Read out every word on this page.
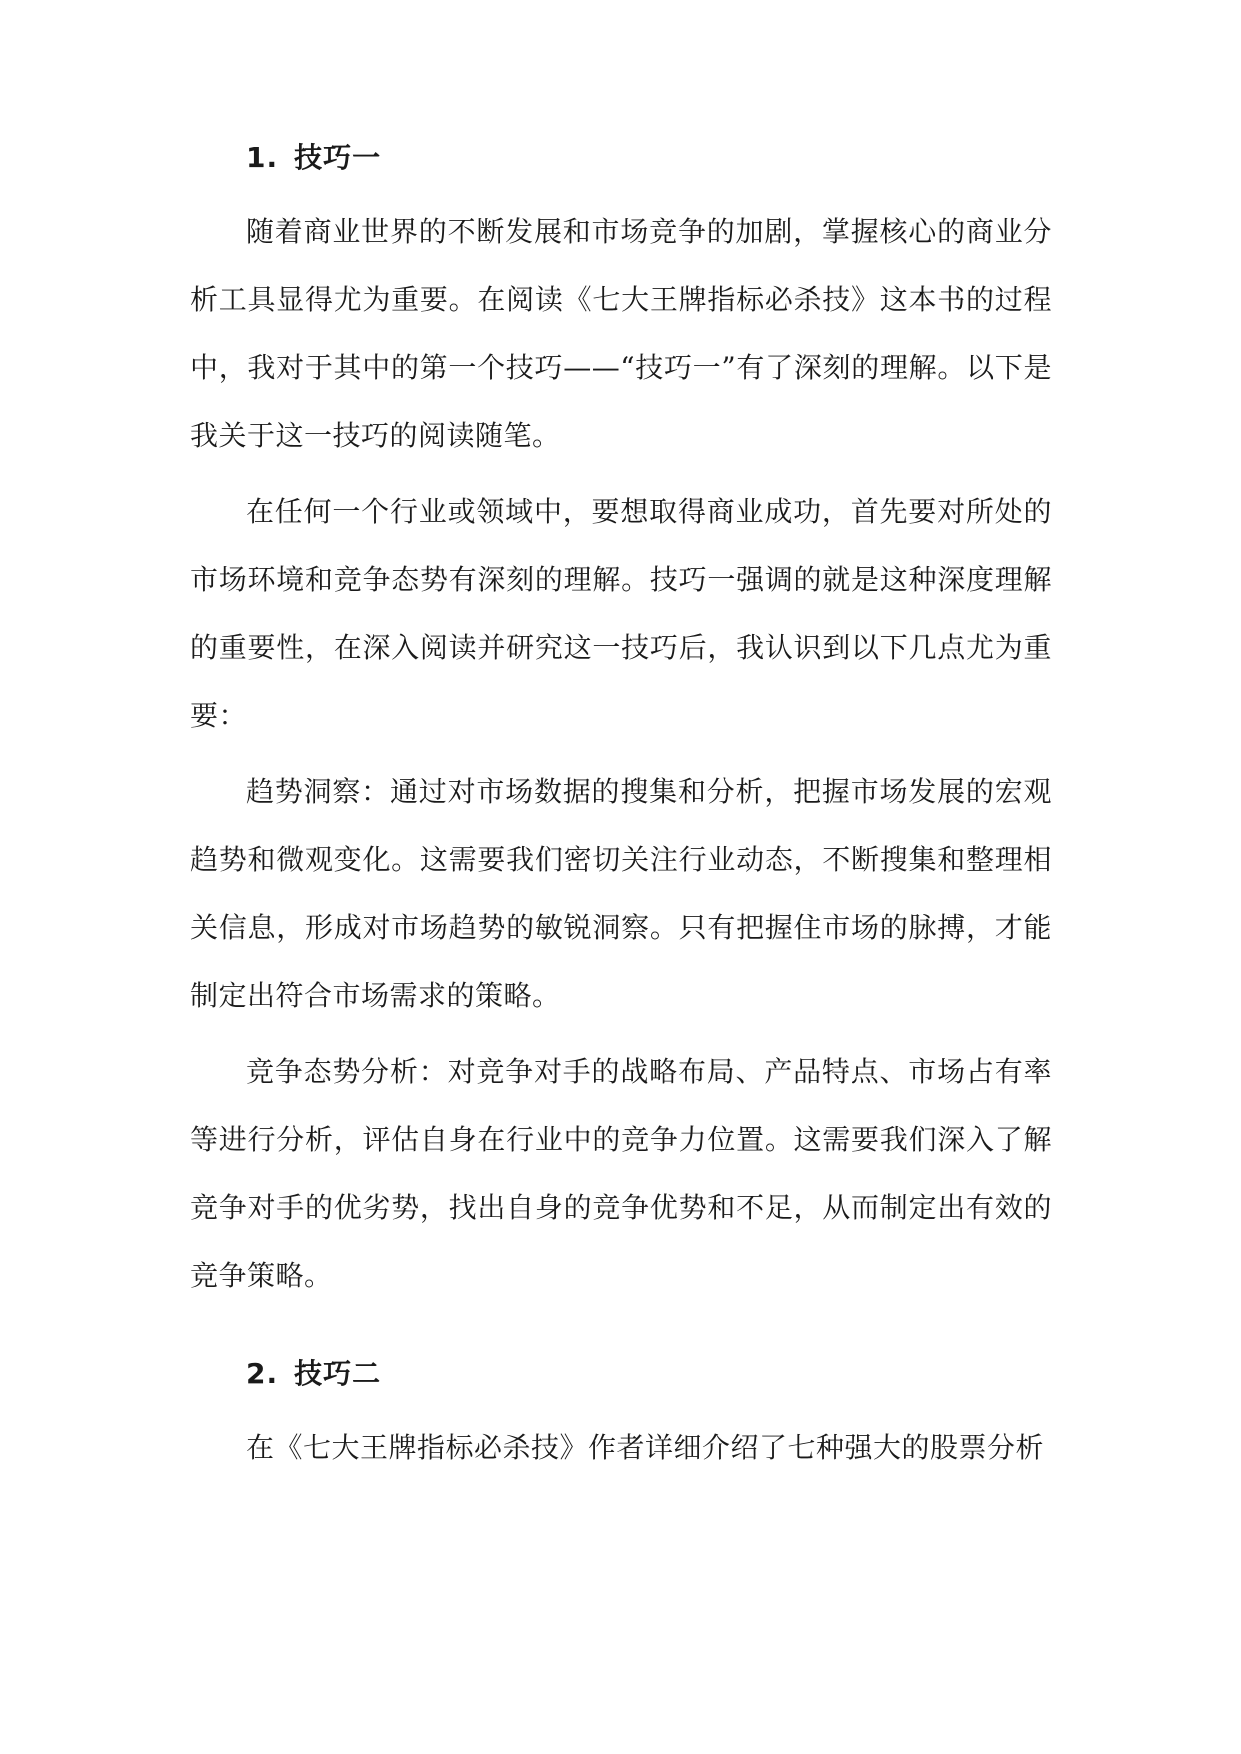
1. 技巧一

随着商业世界的不断发展和市场竞争的加剧，掌握核心的商业分析工具显得尤为重要。在阅读《七大王牌指标必杀技》这本书的过程中，我对于其中的第一个技巧——“技巧一”有了深刻的理解。以下是我关于这一技巧的阅读随笔。

在任何一个行业或领域中，要想取得商业成功，首先要对所处的市场环境和竞争态势有深刻的理解。技巧一强调的就是这种深度理解的重要性，在深入阅读并研究这一技巧后，我认识到以下几点尤为重要：

趋势洞察：通过对市场数据的搜集和分析，把握市场发展的宏观趋势和微观变化。这需要我们密切关注行业动态，不断搜集和整理相关信息，形成对市场趋势的敏锐洞察。只有把握住市场的脉搏，才能制定出符合市场需求的策略。

竞争态势分析：对竞争对手的战略布局、产品特点、市场占有率等进行分析，评估自身在行业中的竞争力位置。这需要我们深入了解竞争对手的优劣势，找出自身的竞争优势和不足，从而制定出有效的竞争策略。

2. 技巧二

在《七大王牌指标必杀技》作者详细介绍了七种强大的股票分析
